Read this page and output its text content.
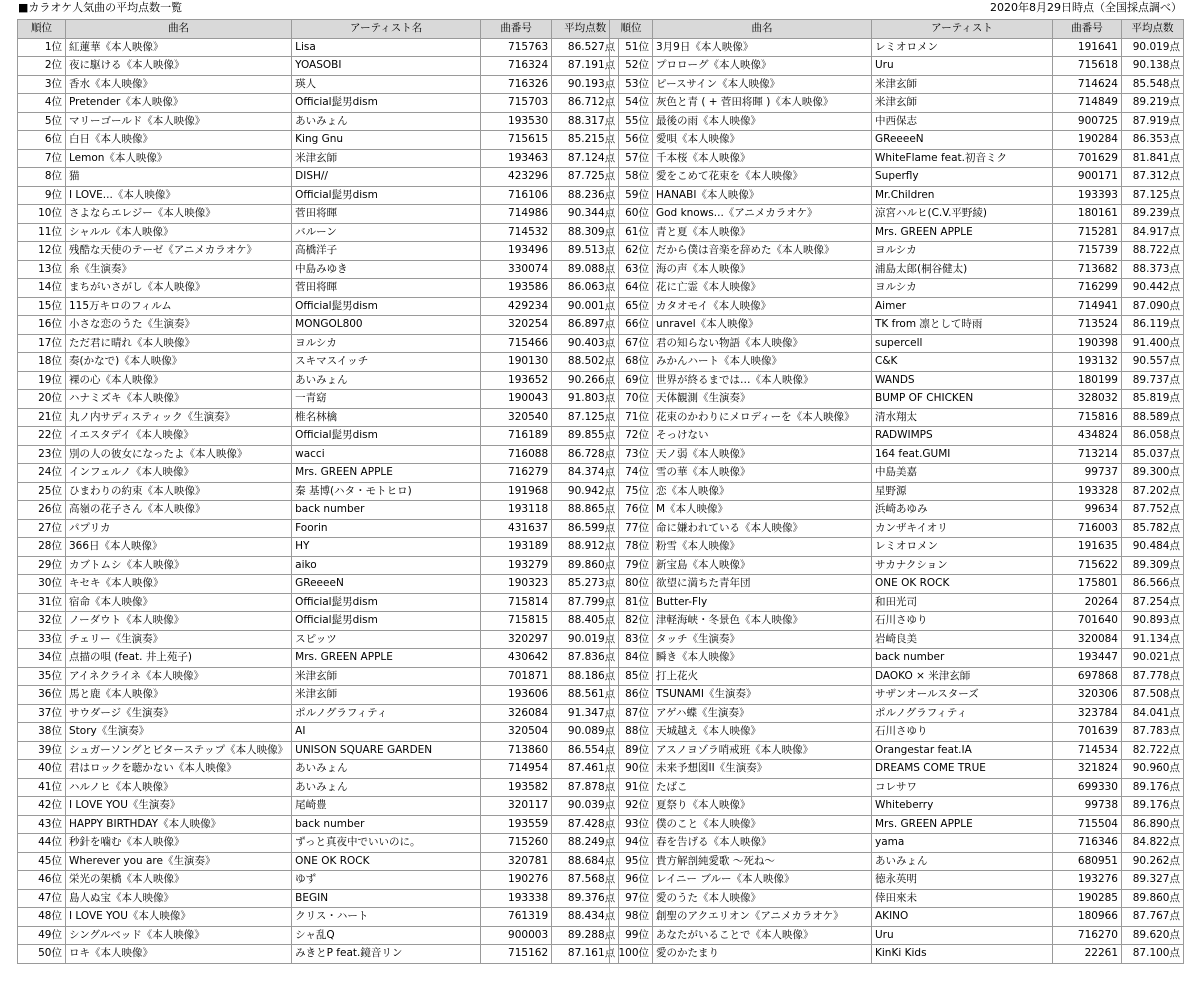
■カラオケ人気曲の平均点数一覧	2020年8月29日時点（全国採点調べ）
順位	曲名	アーティスト名	曲番号	平均点数
1位	紅蓮華《本人映像》	Lisa	715763	86.527点
2位	夜に駆ける《本人映像》	YOASOBI	716324	87.191点
3位	香水《本人映像》	瑛人	716326	90.193点
4位	Pretender《本人映像》	Official髭男dism	715703	86.712点
5位	マリーゴールド《本人映像》	あいみょん	193530	88.317点
6位	白日《本人映像》	King Gnu	715615	85.215点
7位	Lemon《本人映像》	米津玄師	193463	87.124点
8位	猫	DISH//	423296	87.725点
9位	I LOVE...《本人映像》	Official髭男dism	716106	88.236点
10位	さよならエレジー《本人映像》	菅田将暉	714986	90.344点
11位	シャルル《本人映像》	バルーン	714532	88.309点
12位	残酷な天使のテーゼ《アニメカラオケ》	高橋洋子	193496	89.513点
13位	糸《生演奏》	中島みゆき	330074	89.088点
14位	まちがいさがし《本人映像》	菅田将暉	193586	86.063点
15位	115万キロのフィルム	Official髭男dism	429234	90.001点
16位	小さな恋のうた《生演奏》	MONGOL800	320254	86.897点
17位	ただ君に晴れ《本人映像》	ヨルシカ	715466	90.403点
18位	奏(かなで)《本人映像》	スキマスイッチ	190130	88.502点
19位	裸の心《本人映像》	あいみょん	193652	90.266点
20位	ハナミズキ《本人映像》	一青窈	190043	91.803点
21位	丸ノ内サディスティック《生演奏》	椎名林檎	320540	87.125点
22位	イエスタデイ《本人映像》	Official髭男dism	716189	89.855点
23位	別の人の彼女になったよ《本人映像》	wacci	716088	86.728点
24位	インフェルノ《本人映像》	Mrs. GREEN APPLE	716279	84.374点
25位	ひまわりの約束《本人映像》	秦 基博(ハタ・モトヒロ)	191968	90.942点
26位	高嶺の花子さん《本人映像》	back number	193118	88.865点
27位	パプリカ	Foorin	431637	86.599点
28位	366日《本人映像》	HY	193189	88.912点
29位	カブトムシ《本人映像》	aiko	193279	89.860点
30位	キセキ《本人映像》	GReeeeN	190323	85.273点
31位	宿命《本人映像》	Official髭男dism	715814	87.799点
32位	ノーダウト《本人映像》	Official髭男dism	715815	88.405点
33位	チェリー《生演奏》	スピッツ	320297	90.019点
34位	点描の唄 (feat. 井上苑子)	Mrs. GREEN APPLE	430642	87.836点
35位	アイネクライネ《本人映像》	米津玄師	701871	88.186点
36位	馬と鹿《本人映像》	米津玄師	193606	88.561点
37位	サウダージ《生演奏》	ポルノグラフィティ	326084	91.347点
38位	Story《生演奏》	AI	320504	90.089点
39位	シュガーソングとビターステップ《本人映像》	UNISON SQUARE GARDEN	713860	86.554点
40位	君はロックを聴かない《本人映像》	あいみょん	714954	87.461点
41位	ハルノヒ《本人映像》	あいみょん	193582	87.878点
42位	I LOVE YOU《生演奏》	尾崎豊	320117	90.039点
43位	HAPPY BIRTHDAY《本人映像》	back number	193559	87.428点
44位	秒針を噛む《本人映像》	ずっと真夜中でいいのに。	715260	88.249点
45位	Wherever you are《生演奏》	ONE OK ROCK	320781	88.684点
46位	栄光の架橋《本人映像》	ゆず	190276	87.568点
47位	島人ぬ宝《本人映像》	BEGIN	193338	89.376点
48位	I LOVE YOU《本人映像》	クリス・ハート	761319	88.434点
49位	シングルベッド《本人映像》	シャ乱Q	900003	89.288点
50位	ロキ《本人映像》	みきとP feat.鏡音リン	715162	87.161点
順位	曲名	アーティスト	曲番号	平均点数
51位	3月9日《本人映像》	レミオロメン	191641	90.019点
52位	プロローグ《本人映像》	Uru	715618	90.138点
53位	ピースサイン《本人映像》	米津玄師	714624	85.548点
54位	灰色と青 ( + 菅田将暉 )《本人映像》	米津玄師	714849	89.219点
55位	最後の雨《本人映像》	中西保志	900725	87.919点
56位	愛唄《本人映像》	GReeeeN	190284	86.353点
57位	千本桜《本人映像》	WhiteFlame feat.初音ミク	701629	81.841点
58位	愛をこめて花束を《本人映像》	Superfly	900171	87.312点
59位	HANABI《本人映像》	Mr.Children	193393	87.125点
60位	God knows...《アニメカラオケ》	涼宮ハルヒ(C.V.平野綾)	180161	89.239点
61位	青と夏《本人映像》	Mrs. GREEN APPLE	715281	84.917点
62位	だから僕は音楽を辞めた《本人映像》	ヨルシカ	715739	88.722点
63位	海の声《本人映像》	浦島太郎(桐谷健太)	713682	88.373点
64位	花に亡霊《本人映像》	ヨルシカ	716299	90.442点
65位	カタオモイ《本人映像》	Aimer	714941	87.090点
66位	unravel《本人映像》	TK from 凛として時雨	713524	86.119点
67位	君の知らない物語《本人映像》	supercell	190398	91.400点
68位	みかんハート《本人映像》	C&K	193132	90.557点
69位	世界が終るまでは…《本人映像》	WANDS	180199	89.737点
70位	天体観測《生演奏》	BUMP OF CHICKEN	328032	85.819点
71位	花束のかわりにメロディーを《本人映像》	清水翔太	715816	88.589点
72位	そっけない	RADWIMPS	434824	86.058点
73位	天ノ弱《本人映像》	164 feat.GUMI	713214	85.037点
74位	雪の華《本人映像》	中島美嘉	99737	89.300点
75位	恋《本人映像》	星野源	193328	87.202点
76位	M《本人映像》	浜崎あゆみ	99634	87.752点
77位	命に嫌われている《本人映像》	カンザキイオリ	716003	85.782点
78位	粉雪《本人映像》	レミオロメン	191635	90.484点
79位	新宝島《本人映像》	サカナクション	715622	89.309点
80位	欲望に満ちた青年団	ONE OK ROCK	175801	86.566点
81位	Butter-Fly	和田光司	20264	87.254点
82位	津軽海峡・冬景色《本人映像》	石川さゆり	701640	90.893点
83位	タッチ《生演奏》	岩崎良美	320084	91.134点
84位	瞬き《本人映像》	back number	193447	90.021点
85位	打上花火	DAOKO × 米津玄師	697868	87.778点
86位	TSUNAMI《生演奏》	サザンオールスターズ	320306	87.508点
87位	アゲハ蝶《生演奏》	ポルノグラフィティ	323784	84.041点
88位	天城越え《本人映像》	石川さゆり	701639	87.783点
89位	アスノヨゾラ哨戒班《本人映像》	Orangestar feat.IA	714534	82.722点
90位	未来予想図II《生演奏》	DREAMS COME TRUE	321824	90.960点
91位	たばこ	コレサワ	699330	89.176点
92位	夏祭り《本人映像》	Whiteberry	99738	89.176点
93位	僕のこと《本人映像》	Mrs. GREEN APPLE	715504	86.890点
94位	春を告げる《本人映像》	yama	716346	84.822点
95位	貴方解剖純愛歌 ～死ね～	あいみょん	680951	90.262点
96位	レイニー ブルー《本人映像》	徳永英明	193276	89.327点
97位	愛のうた《本人映像》	倖田來未	190285	89.860点
98位	創聖のアクエリオン《アニメカラオケ》	AKINO	180966	87.767点
99位	あなたがいることで《本人映像》	Uru	716270	89.620点
100位	愛のかたまり	KinKi Kids	22261	87.100点
